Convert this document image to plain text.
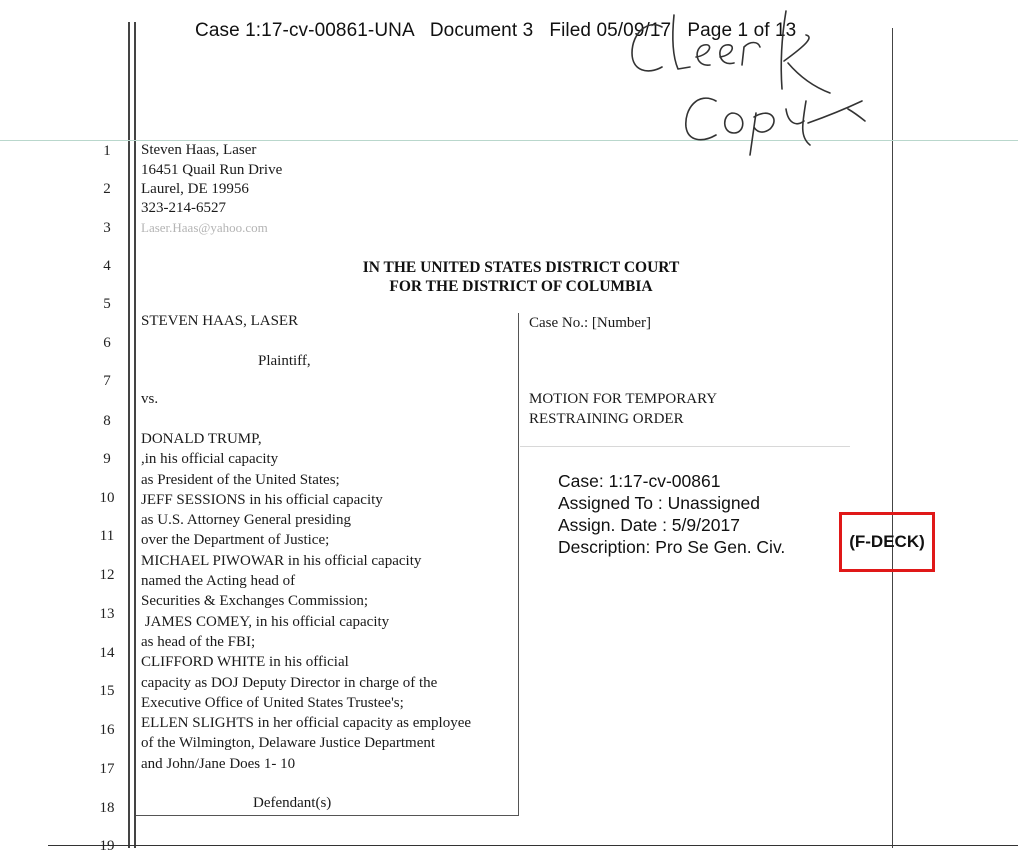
Case 1:17-cv-00861-UNA   Document 3   Filed 05/09/17   Page 1 of 13
1
2
3
4
5
6
7
8
9
10
11
12
13
14
15
16
17
18
19
Steven Haas, Laser
16451 Quail Run Drive
Laurel, DE 19956
323-214-6527
Laser.Haas@yahoo.com
IN THE UNITED STATES DISTRICT COURT
FOR THE DISTRICT OF COLUMBIA
STEVEN HAAS, LASER
Plaintiff,
vs.
DONALD TRUMP,
,in his official capacity
as President of the United States;
JEFF SESSIONS in his official capacity
as U.S. Attorney General presiding
over the Department of Justice;
MICHAEL PIWOWAR in his official capacity
named the Acting head of
Securities & Exchanges Commission;
JAMES COMEY, in his official capacity
as head of the FBI;
CLIFFORD WHITE in his official
capacity as DOJ Deputy Director in charge of the
Executive Office of United States Trustee's;
ELLEN SLIGHTS in her official capacity as employee
of the Wilmington, Delaware Justice Department
and John/Jane Does 1- 10
Defendant(s)
Case No.: [Number]
MOTION FOR TEMPORARY
RESTRAINING ORDER
Case: 1:17-cv-00861
Assigned To : Unassigned
Assign. Date : 5/9/2017
Description: Pro Se Gen. Civ.	(F-DECK)
